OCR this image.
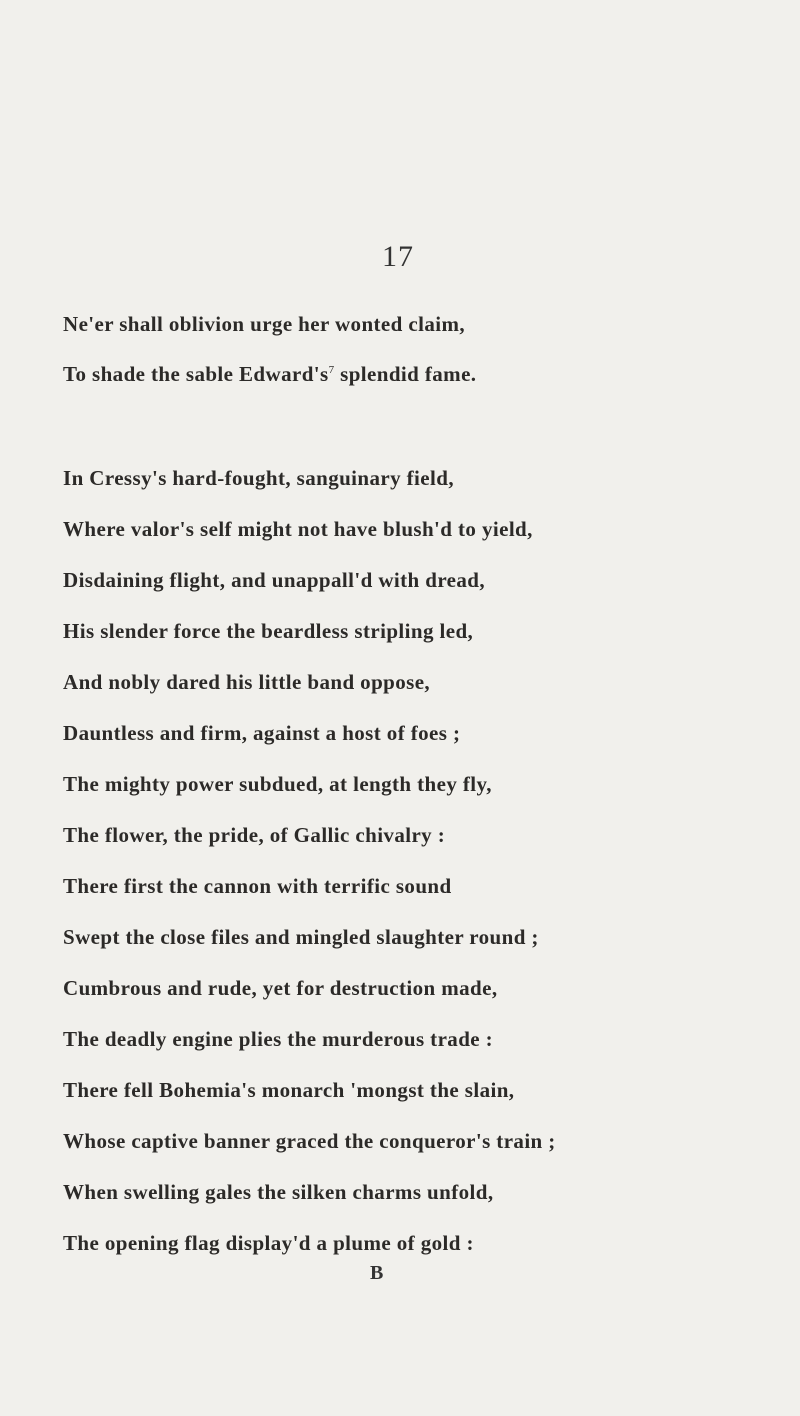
17
Ne'er shall oblivion urge her wonted claim,
To shade the sable $Edward's^7$ splendid fame.
In Cressy's hard-fought, sanguinary field,
Where valor's self might not have blush'd to yield,
Disdaining flight, and unappall'd with dread,
His slender force the beardless stripling led,
And nobly dared his little band oppose,
Dauntless and firm, against a host of foes ;
The mighty power subdued, at length they fly,
The flower, the pride, of Gallic chivalry :
There first the cannon with terrific sound
Swept the close files and mingled slaughter round ;
Cumbrous and rude, yet for destruction made,
The deadly engine plies the murderous trade :
There fell Bohemia's monarch 'mongst the slain,
Whose captive banner graced the conqueror's train ;
When swelling gales the silken charms unfold,
The opening flag display'd a plume of gold :
B
